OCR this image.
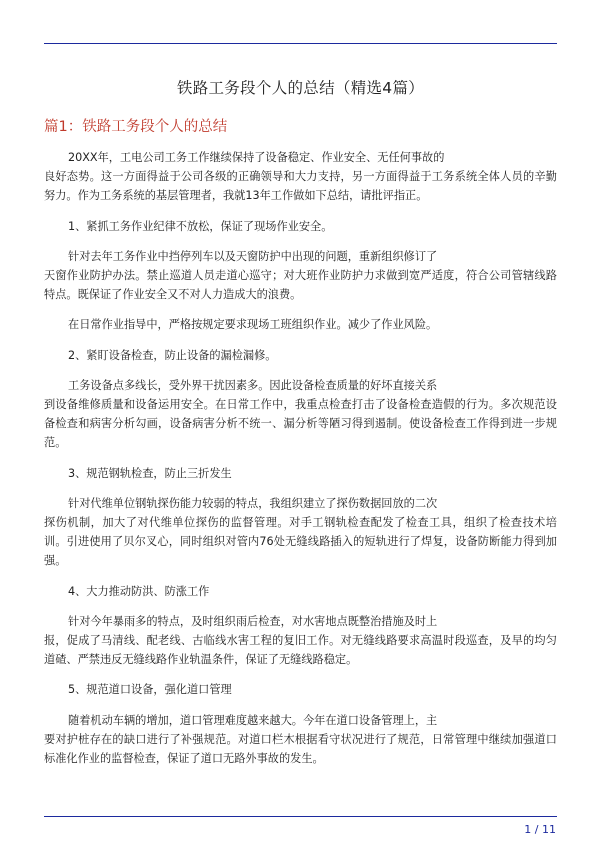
铁路工务段个人的总结（精选4篇）
篇1：铁路工务段个人的总结

20XX年，工电公司工务工作继续保持了设备稳定、作业安全、无任何事故的
良好态势。这一方面得益于公司各级的正确领导和大力支持，另一方面得益于工务系统全体人员的辛勤努力。作为工务系统的基层管理者，我就13年工作做如下总结，请批评指正。

1、紧抓工务作业纪律不放松，保证了现场作业安全。

针对去年工务作业中挡停列车以及天窗防护中出现的问题，重新组织修订了
天窗作业防护办法。禁止巡道人员走道心巡守；对大班作业防护力求做到宽严适度，符合公司管辖线路特点。既保证了作业安全又不对人力造成大的浪费。

在日常作业指导中，严格按规定要求现场工班组织作业。减少了作业风险。

2、紧盯设备检查，防止设备的漏检漏修。

工务设备点多线长，受外界干扰因素多。因此设备检查质量的好坏直接关系
到设备维修质量和设备运用安全。在日常工作中，我重点检查打击了设备检查造假的行为。多次规范设备检查和病害分析勾画，设备病害分析不统一、漏分析等陋习得到遏制。使设备检查工作得到进一步规范。

3、规范钢轨检查，防止三折发生

针对代维单位钢轨探伤能力较弱的特点，我组织建立了探伤数据回放的二次
探伤机制，加大了对代维单位探伤的监督管理。对手工钢轨检查配发了检查工具，组织了检查技术培训。引进使用了贝尔叉心，同时组织对管内76处无缝线路插入的短轨进行了焊复，设备防断能力得到加强。

4、大力推动防洪、防涨工作

针对今年暴雨多的特点，及时组织雨后检查，对水害地点既整治措施及时上
报，促成了马清线、配老线、古临线水害工程的复旧工作。对无缝线路要求高温时段巡查，及早的均匀道碴、严禁违反无缝线路作业轨温条件，保证了无缝线路稳定。

5、规范道口设备，强化道口管理

随着机动车辆的增加，道口管理难度越来越大。今年在道口设备管理上，主
要对护桩存在的缺口进行了补强规范。对道口栏木根据看守状况进行了规范，日常管理中继续加强道口标准化作业的监督检查，保证了道口无路外事故的发生。

1 / 11
